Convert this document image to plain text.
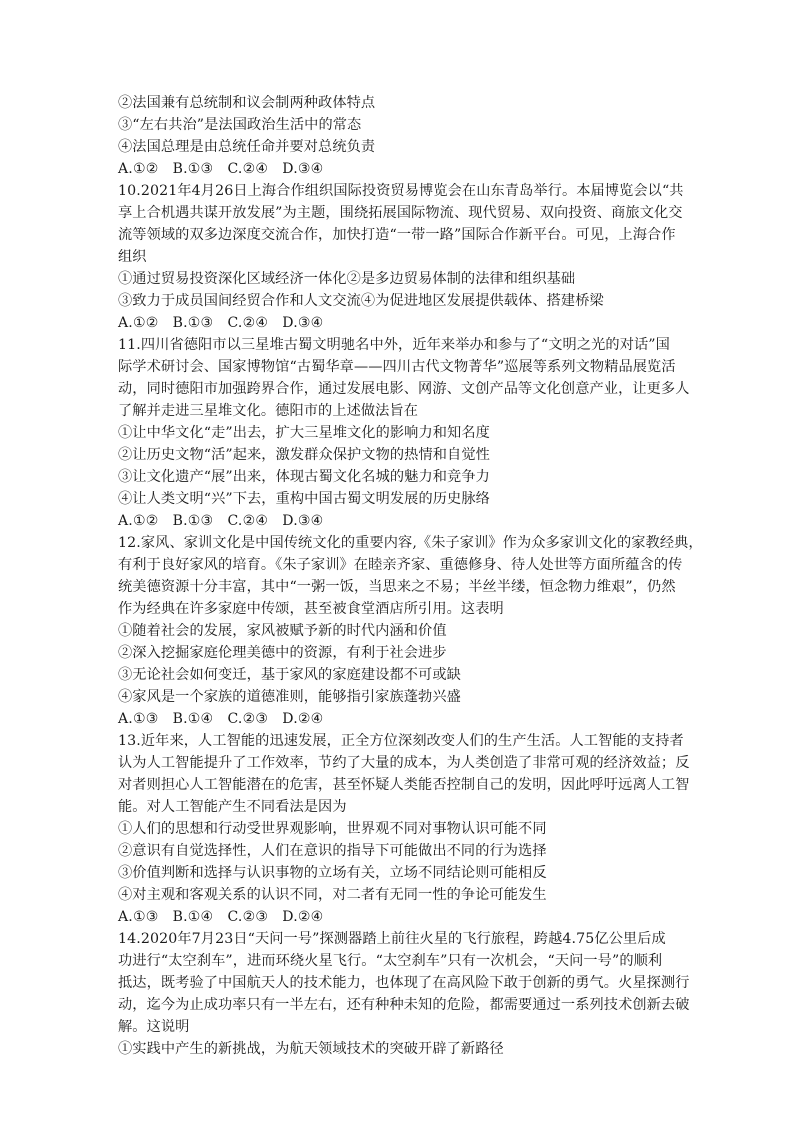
②法国兼有总统制和议会制两种政体特点
③“左右共治”是法国政治生活中的常态
④法国总理是由总统任命并要对总统负责
A.①②　B.①③　C.②④　D.③④
10.2021年4月26日上海合作组织国际投资贸易博览会在山东青岛举行。本届博览会以“共
享上合机遇共谋开放发展”为主题，围绕拓展国际物流、现代贸易、双向投资、商旅文化交
流等领域的双多边深度交流合作，加快打造“一带一路”国际合作新平台。可见，上海合作
组织
①通过贸易投资深化区域经济一体化②是多边贸易体制的法律和组织基础
③致力于成员国间经贸合作和人文交流④为促进地区发展提供载体、搭建桥梁
A.①②　B.①③　C.②④　D.③④
11.四川省德阳市以三星堆古蜀文明驰名中外，近年来举办和参与了“文明之光的对话”国
际学术研讨会、国家博物馆“古蜀华章——四川古代文物菁华”巡展等系列文物精品展览活
动，同时德阳市加强跨界合作，通过发展电影、网游、文创产品等文化创意产业，让更多人
了解并走进三星堆文化。德阳市的上述做法旨在
①让中华文化“走”出去，扩大三星堆文化的影响力和知名度
②让历史文物“活”起来，激发群众保护文物的热情和自觉性
③让文化遗产“展”出来，体现古蜀文化名城的魅力和竞争力
④让人类文明“兴”下去，重构中国古蜀文明发展的历史脉络
A.①②　B.①③　C.②④　D.③④
12.家风、家训文化是中国传统文化的重要内容,《朱子家训》作为众多家训文化的家教经典，
有利于良好家风的培育。《朱子家训》在睦亲齐家、重德修身、待人处世等方面所蕴含的传
统美德资源十分丰富，其中“一粥一饭，当思来之不易；半丝半缕，恒念物力维艰”，仍然
作为经典在许多家庭中传颂，甚至被食堂酒店所引用。这表明
①随着社会的发展，家风被赋予新的时代内涵和价值
②深入挖掘家庭伦理美德中的资源，有利于社会进步
③无论社会如何变迁，基于家风的家庭建设都不可或缺
④家风是一个家族的道德准则，能够指引家族蓬勃兴盛
A.①③　B.①④　C.②③　D.②④
13.近年来，人工智能的迅速发展，正全方位深刻改变人们的生产生活。人工智能的支持者
认为人工智能提升了工作效率，节约了大量的成本，为人类创造了非常可观的经济效益；反
对者则担心人工智能潜在的危害，甚至怀疑人类能否控制自己的发明，因此呼吁远离人工智
能。对人工智能产生不同看法是因为
①人们的思想和行动受世界观影响，世界观不同对事物认识可能不同
②意识有自觉选择性，人们在意识的指导下可能做出不同的行为选择
③价值判断和选择与认识事物的立场有关，立场不同结论则可能相反
④对主观和客观关系的认识不同，对二者有无同一性的争论可能发生
A.①③　B.①④　C.②③　D.②④
14.2020年7月23日“天问一号”探测器踏上前往火星的飞行旅程，跨越4.75亿公里后成
功进行“太空刹车”，进而环绕火星飞行。“太空刹车”只有一次机会，“天问一号”的顺利
抵达，既考验了中国航天人的技术能力，也体现了在高风险下敢于创新的勇气。火星探测行
动，迄今为止成功率只有一半左右，还有种种未知的危险，都需要通过一系列技术创新去破
解。这说明
①实践中产生的新挑战，为航天领域技术的突破开辟了新路径
